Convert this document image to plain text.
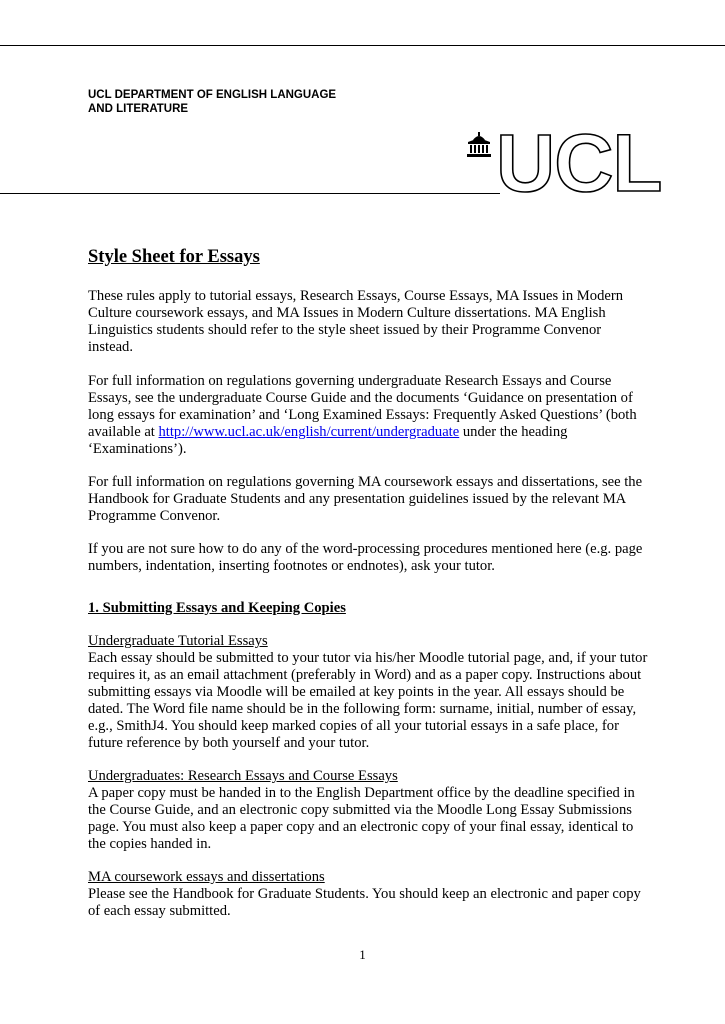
UCL DEPARTMENT OF ENGLISH LANGUAGE
AND LITERATURE
UCL
Style Sheet for Essays

These rules apply to tutorial essays, Research Essays, Course Essays, MA Issues in Modern Culture coursework essays, and MA Issues in Modern Culture dissertations. MA English Linguistics students should refer to the style sheet issued by their Programme Convenor instead.

For full information on regulations governing undergraduate Research Essays and Course Essays, see the undergraduate Course Guide and the documents ‘Guidance on presentation of long essays for examination’ and ‘Long Examined Essays: Frequently Asked Questions’ (both available at http://www.ucl.ac.uk/english/current/undergraduate under the heading ‘Examinations’).

For full information on regulations governing MA coursework essays and dissertations, see the Handbook for Graduate Students and any presentation guidelines issued by the relevant MA Programme Convenor.

If you are not sure how to do any of the word-processing procedures mentioned here (e.g. page numbers, indentation, inserting footnotes or endnotes), ask your tutor.

1. Submitting Essays and Keeping Copies

Undergraduate Tutorial Essays
Each essay should be submitted to your tutor via his/her Moodle tutorial page, and, if your tutor requires it, as an email attachment (preferably in Word) and as a paper copy. Instructions about submitting essays via Moodle will be emailed at key points in the year. All essays should be dated. The Word file name should be in the following form: surname, initial, number of essay, e.g., SmithJ4. You should keep marked copies of all your tutorial essays in a safe place, for future reference by both yourself and your tutor.

Undergraduates: Research Essays and Course Essays
A paper copy must be handed in to the English Department office by the deadline specified in the Course Guide, and an electronic copy submitted via the Moodle Long Essay Submissions page. You must also keep a paper copy and an electronic copy of your final essay, identical to the copies handed in.

MA coursework essays and dissertations
Please see the Handbook for Graduate Students. You should keep an electronic and paper copy of each essay submitted.

1
